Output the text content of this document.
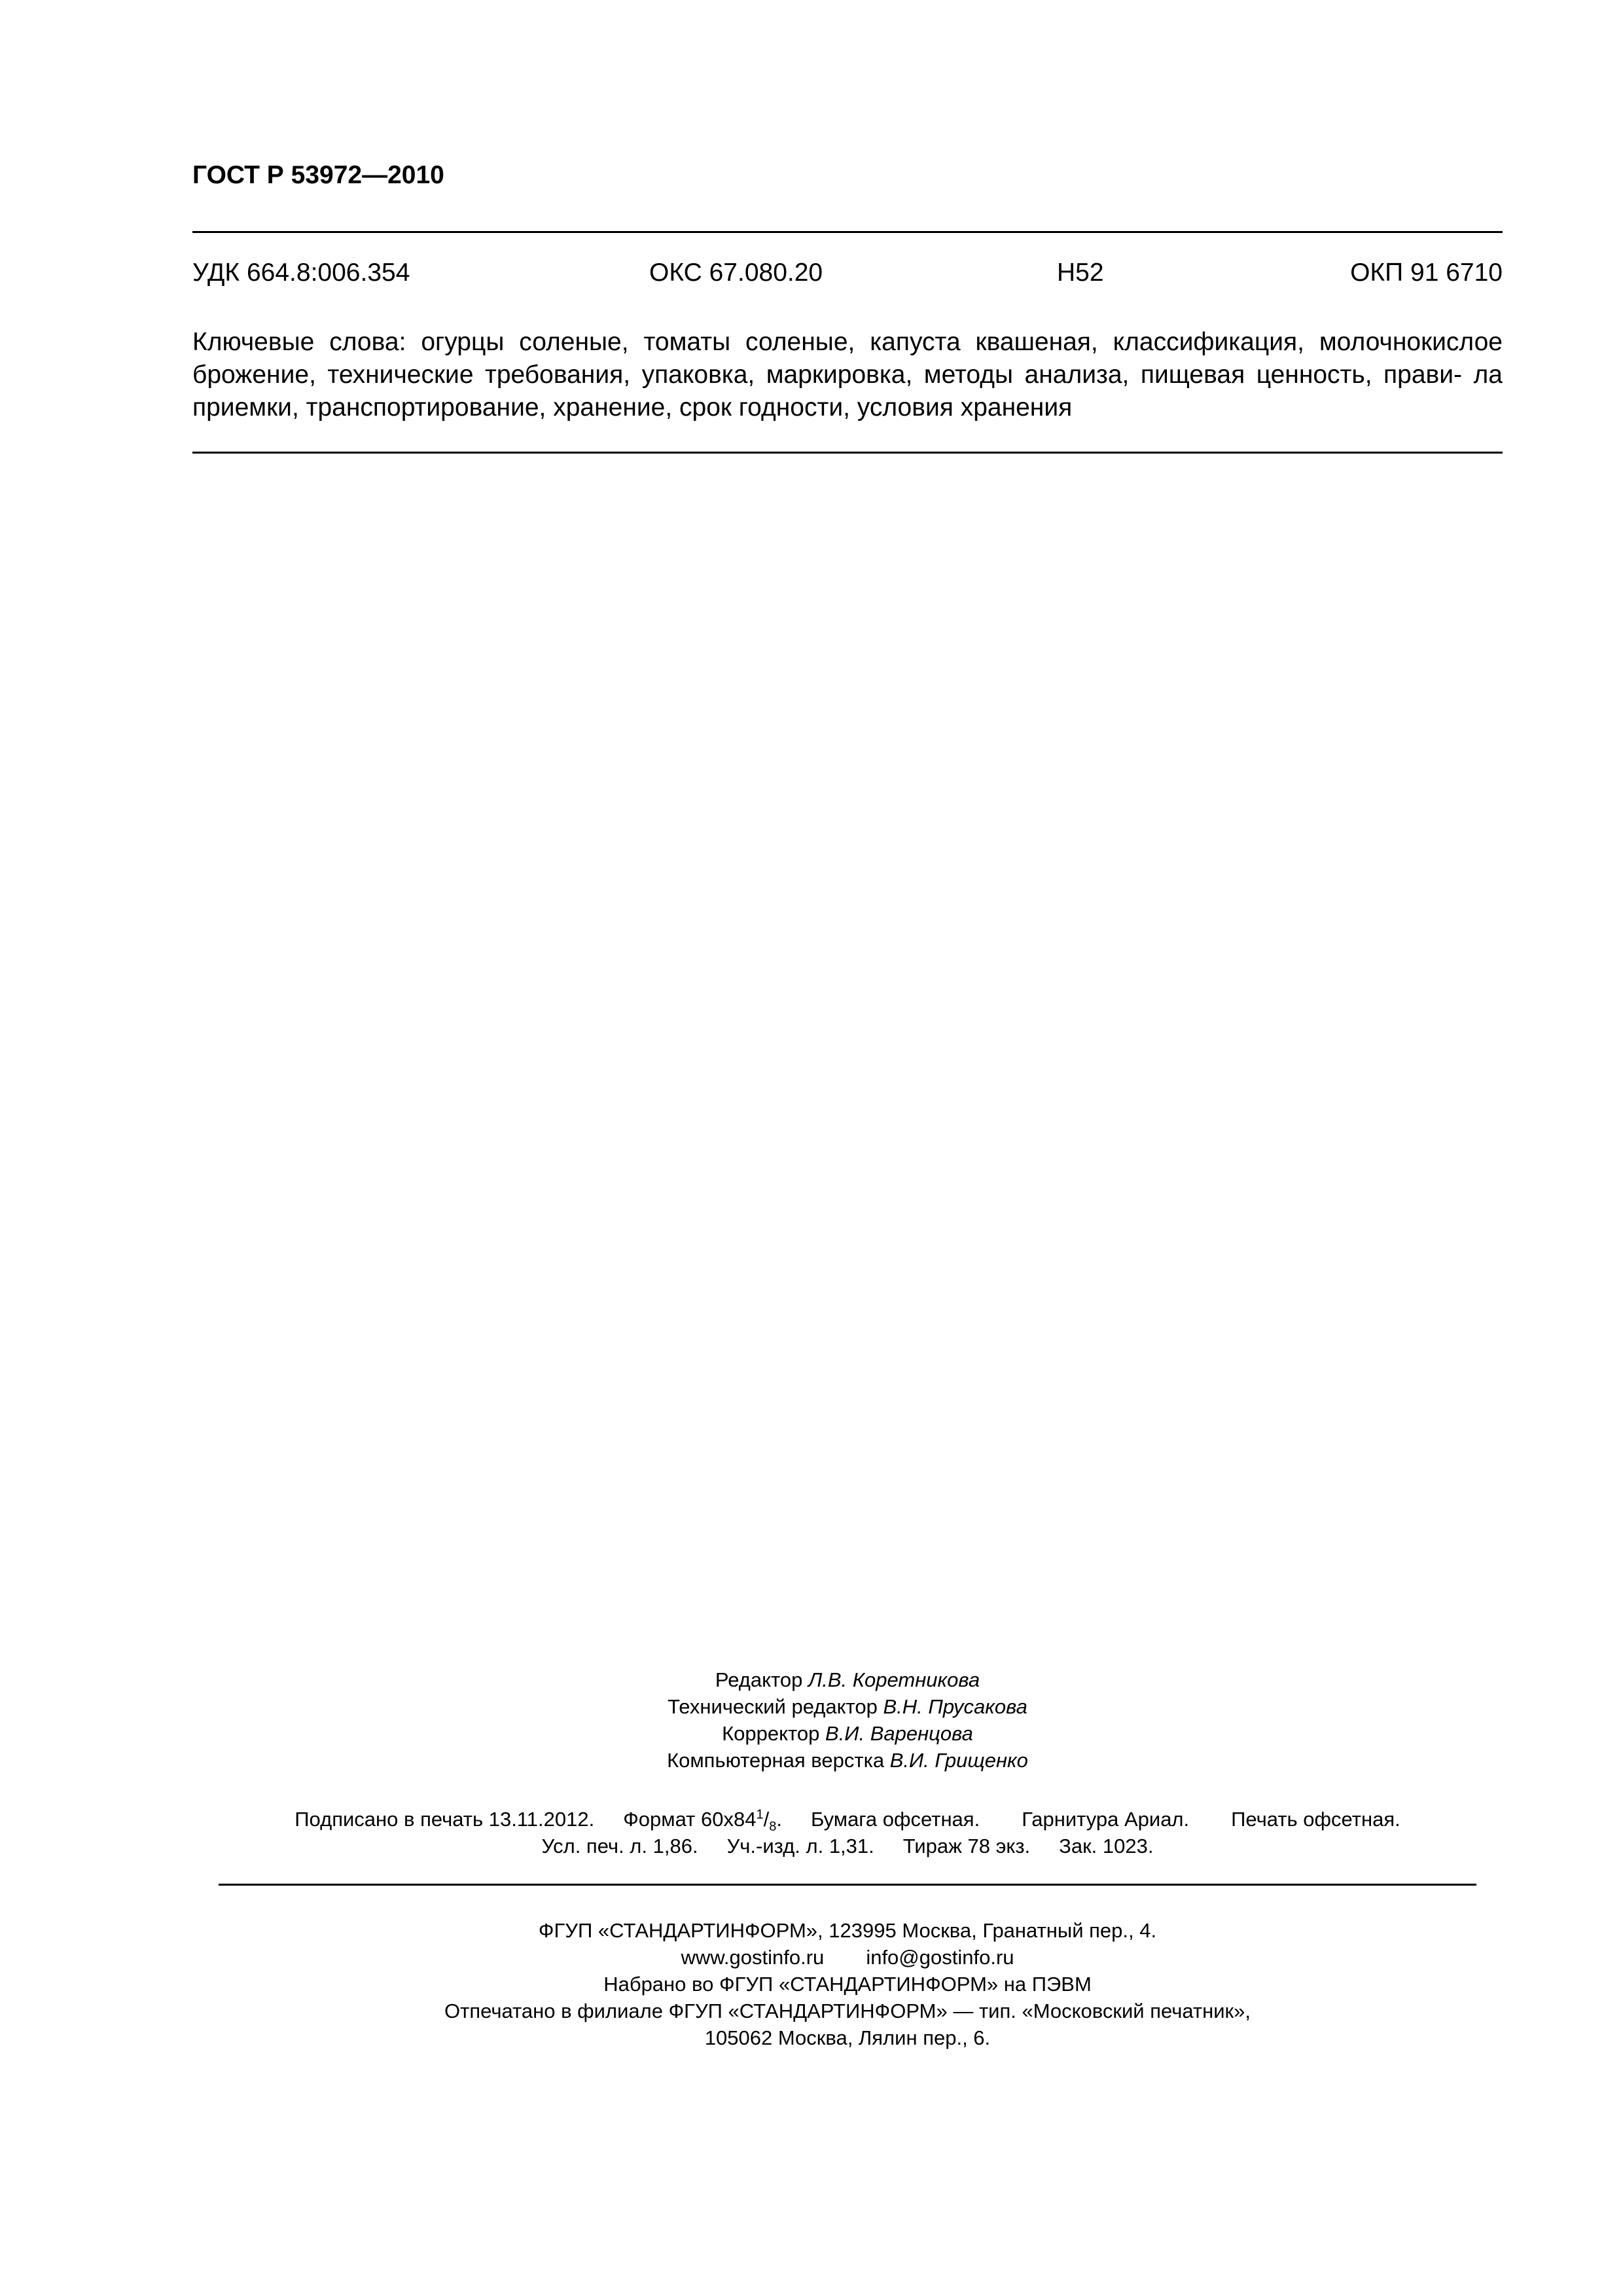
ГОСТ Р 53972—2010
УДК 664.8:006.354	ОКС 67.080.20	Н52	ОКП 91 6710
Ключевые слова: огурцы соленые, томаты соленые, капуста квашеная, классификация, молочнокислое брожение, технические требования, упаковка, маркировка, методы анализа, пищевая ценность, прави- ла приемки, транспортирование, хранение, срок годности, условия хранения
Редактор Л.В. Коретникова
Технический редактор В.Н. Прусакова
Корректор В.И. Варенцова
Компьютерная верстка В.И. Грищенко
Подписано в печать 13.11.2012. Формат $60х84^1/_8$. Бумага офсетная. Гарнитура Ариал. Печать офсетная.
Усл. печ. л. 1,86. Уч.-изд. л. 1,31. Тираж 78 экз. Зак. 1023.
ФГУП «СТАНДАРТИНФОРМ», 123995 Москва, Гранатный пер., 4.
www.gostinfo.ru info@gostinfo.ru
Набрано во ФГУП «СТАНДАРТИНФОРМ» на ПЭВМ
Отпечатано в филиале ФГУП «СТАНДАРТИНФОРМ» — тип. «Московский печатник»,
105062 Москва, Лялин пер., 6.
